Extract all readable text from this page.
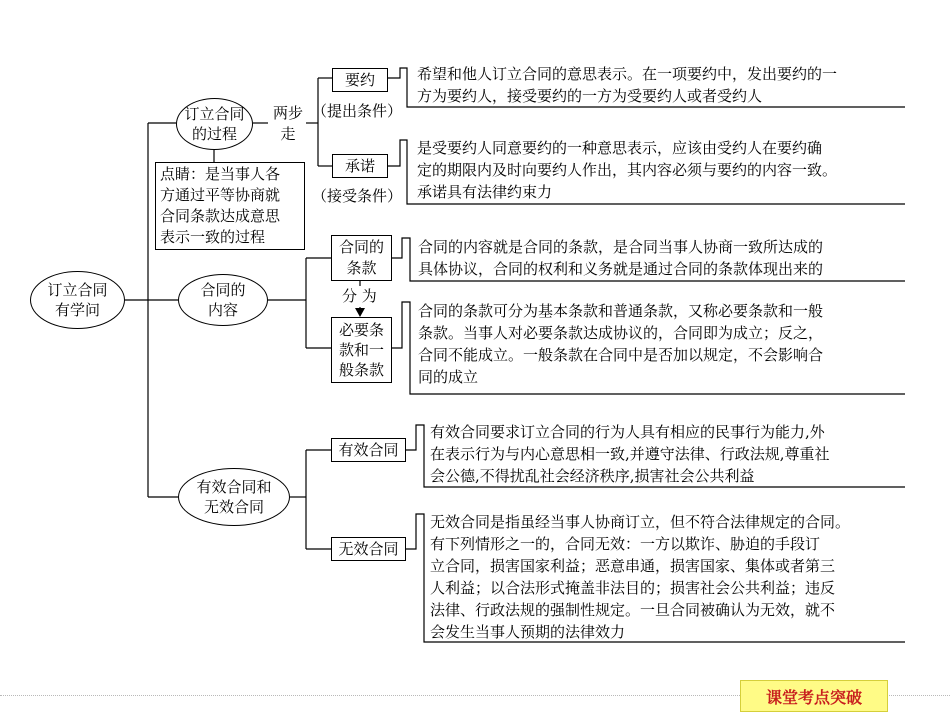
订立合同有学问
订立合同的过程
两步走
点睛：是当事人各
方通过平等协商就
合同条款达成意思
表示一致的过程
要约
（提出条件）
希望和他人订立合同的意思表示。在一项要约中，发出要约的一
方为要约人，接受要约的一方为受要约人或者受约人
承诺
（接受条件）
是受要约人同意要约的一种意思表示，应该由受约人在要约确
定的期限内及时向要约人作出，其内容必须与要约的内容一致。
承诺具有法律约束力
合同的内容
合同的条款
合同的内容就是合同的条款，是合同当事人协商一致所达成的
具体协议，合同的权利和义务就是通过合同的条款体现出来的
分 为
必要条
款和一
般条款
合同的条款可分为基本条款和普通条款，又称必要条款和一般
条款。当事人对必要条款达成协议的，合同即为成立；反之，
合同不能成立。一般条款在合同中是否加以规定，不会影响合
同的成立
有效合同和无效合同
有效合同
有效合同要求订立合同的行为人具有相应的民事行为能力,外
在表示行为与内心意思相一致,并遵守法律、行政法规,尊重社
会公德,不得扰乱社会经济秩序,损害社会公共利益
无效合同
无效合同是指虽经当事人协商订立，但不符合法律规定的合同。
有下列情形之一的，合同无效：一方以欺诈、胁迫的手段订
立合同，损害国家利益；恶意串通，损害国家、集体或者第三
人利益；以合法形式掩盖非法目的；损害社会公共利益；违反
法律、行政法规的强制性规定。一旦合同被确认为无效，就不
会发生当事人预期的法律效力
课堂考点突破
